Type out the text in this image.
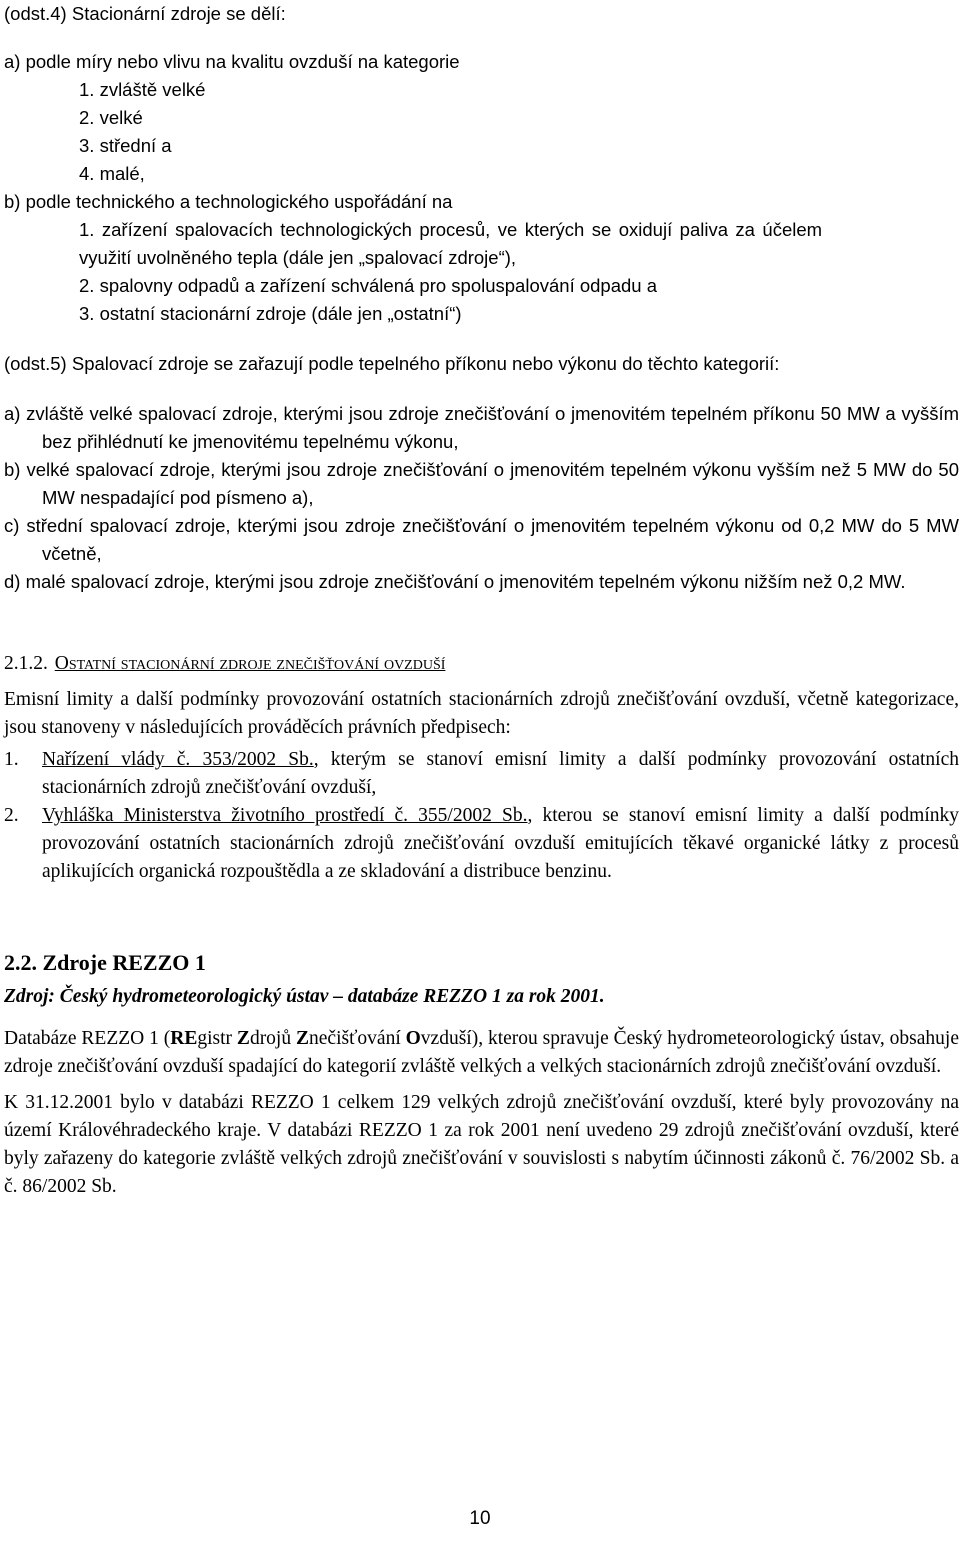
(odst.4) Stacionární zdroje se dělí:
a) podle míry nebo vlivu na kvalitu ovzduší na kategorie
1. zvláště velké
2. velké
3. střední a
4. malé,
b) podle technického a technologického uspořádání na
1. zařízení spalovacích technologických procesů, ve kterých se oxidují paliva za účelem
využití uvolněného tepla (dále jen „spalovací zdroje“),
2. spalovny odpadů a zařízení schválená pro spoluspalování odpadu a
3. ostatní stacionární zdroje (dále jen „ostatní“)
(odst.5) Spalovací zdroje se zařazují podle tepelného příkonu nebo výkonu do těchto kategorií:

a) zvláště velké spalovací zdroje, kterými jsou zdroje znečišťování o jmenovitém tepelném příkonu 50 MW a vyšším bez přihlédnutí ke jmenovitému tepelnému výkonu,

b) velké spalovací zdroje, kterými jsou zdroje znečišťování o jmenovitém tepelném výkonu vyšším než 5 MW do 50 MW nespadající pod písmeno a),

c) střední spalovací zdroje, kterými jsou zdroje znečišťování o jmenovitém tepelném výkonu od 0,2 MW do 5 MW včetně,

d) malé spalovací zdroje, kterými jsou zdroje znečišťování o jmenovitém tepelném výkonu nižším než 0,2 MW.

2.1.2. Ostatní stacionární zdroje znečišťování ovzduší

Emisní limity a další podmínky provozování ostatních stacionárních zdrojů znečišťování ovzduší, včetně kategorizace, jsou stanoveny v následujících prováděcích právních předpisech:

1. Nařízení vlády č. 353/2002 Sb., kterým se stanoví emisní limity a další podmínky provozování ostatních stacionárních zdrojů znečišťování ovzduší,

2. Vyhláška Ministerstva životního prostředí č. 355/2002 Sb., kterou se stanoví emisní limity a další podmínky provozování ostatních stacionárních zdrojů znečišťování ovzduší emitujících těkavé organické látky z procesů aplikujících organická rozpouštědla a ze skladování a distribuce benzinu.

2.2. Zdroje REZZO 1

Zdroj: Český hydrometeorologický ústav – databáze REZZO 1 za rok 2001.

Databáze REZZO 1 (REgistr Zdrojů Znečišťování Ovzduší), kterou spravuje Český hydrometeorologický ústav, obsahuje zdroje znečišťování ovzduší spadající do kategorií zvláště velkých a velkých stacionárních zdrojů znečišťování ovzduší.

K 31.12.2001 bylo v databázi REZZO 1 celkem 129 velkých zdrojů znečišťování ovzduší, které byly provozovány na území Královéhradeckého kraje. V databázi REZZO 1 za rok 2001 není uvedeno 29 zdrojů znečišťování ovzduší, které byly zařazeny do kategorie zvláště velkých zdrojů znečišťování v souvislosti s nabytím účinnosti zákonů č. 76/2002 Sb. a č. 86/2002 Sb.

10
